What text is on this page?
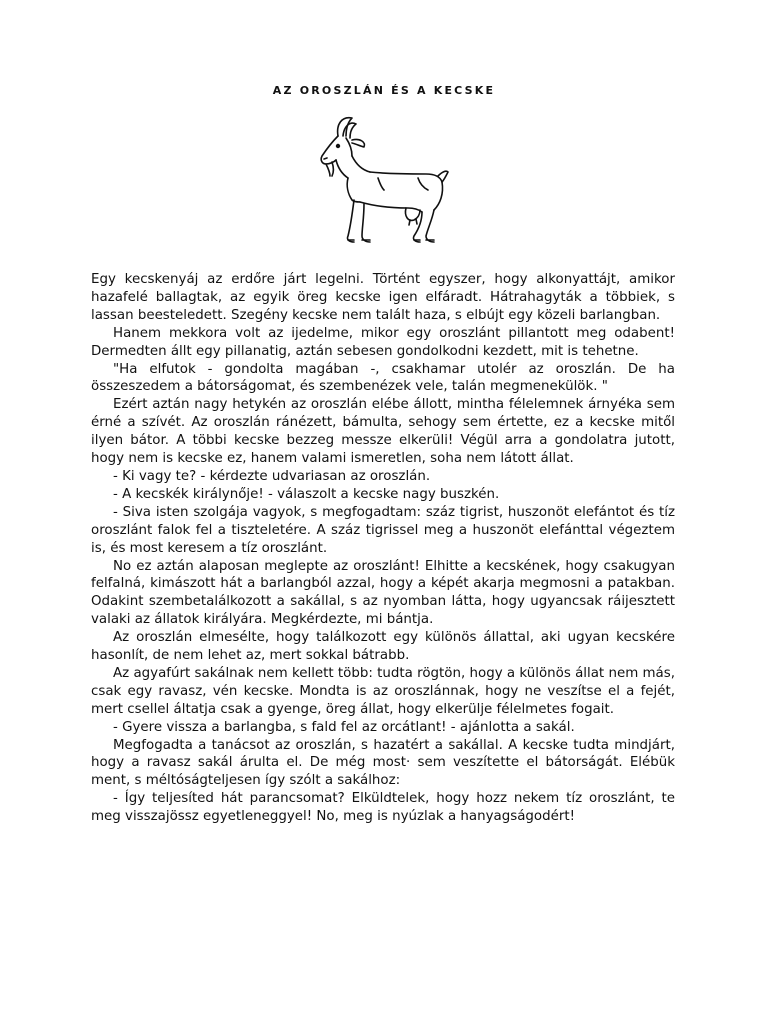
AZ OROSZLÁN ÉS A KECSKE

Egy kecskenyáj az erdőre járt legelni. Történt egyszer, hogy alkonyattájt, amikor hazafelé ballagtak, az egyik öreg kecske igen elfáradt. Hátrahagyták a többiek, s lassan beesteledett. Szegény kecske nem talált haza, s elbújt egy közeli barlangban.

Hanem mekkora volt az ijedelme, mikor egy oroszlánt pillantott meg odabent! Dermedten állt egy pillanatig, aztán sebesen gondolkodni kezdett, mit is tehetne.

"Ha elfutok - gondolta magában -, csakhamar utolér az oroszlán. De ha összeszedem a bátorságomat, és szembenézek vele, talán megmenekülök. "

Ezért aztán nagy hetykén az oroszlán elébe állott, mintha félelemnek árnyéka sem érné a szívét. Az oroszlán ránézett, bámulta, sehogy sem értette, ez a kecske mitől ilyen bátor. A többi kecske bezzeg messze elkerüli! Végül arra a gondolatra jutott, hogy nem is kecske ez, hanem valami ismeretlen, soha nem látott állat.

- Ki vagy te? - kérdezte udvariasan az oroszlán.

- A kecskék királynője! - válaszolt a kecske nagy buszkén.

- Siva isten szolgája vagyok, s megfogadtam: száz tigrist, huszonöt elefántot és tíz oroszlánt falok fel a tiszteletére. A száz tigrissel meg a huszonöt elefánttal végeztem is, és most keresem a tíz oroszlánt.

No ez aztán alaposan meglepte az oroszlánt! Elhitte a kecskének, hogy csakugyan felfalná, kimászott hát a barlangból azzal, hogy a képét akarja megmosni a patakban. Odakint szembetalálkozott a sakállal, s az nyomban látta, hogy ugyancsak ráijesztett valaki az állatok királyára. Megkérdezte, mi bántja.

Az oroszlán elmesélte, hogy találkozott egy különös állattal, aki ugyan kecskére hasonlít, de nem lehet az, mert sokkal bátrabb.

Az agyafúrt sakálnak nem kellett több: tudta rögtön, hogy a különös állat nem más, csak egy ravasz, vén kecske. Mondta is az oroszlánnak, hogy ne veszítse el a fejét, mert csellel áltatja csak a gyenge, öreg állat, hogy elkerülje félelmetes fogait.

- Gyere vissza a barlangba, s fald fel az orcátlant! - ajánlotta a sakál.

Megfogadta a tanácsot az oroszlán, s hazatért a sakállal. A kecske tudta mindjárt, hogy a ravasz sakál árulta el. De még most· sem veszítette el bátorságát. Elébük ment, s méltóságteljesen így szólt a sakálhoz:

- Így teljesíted hát parancsomat? Elküldtelek, hogy hozz nekem tíz oroszlánt, te meg visszajössz egyetleneggyel! No, meg is nyúzlak a hanyagságodért!
